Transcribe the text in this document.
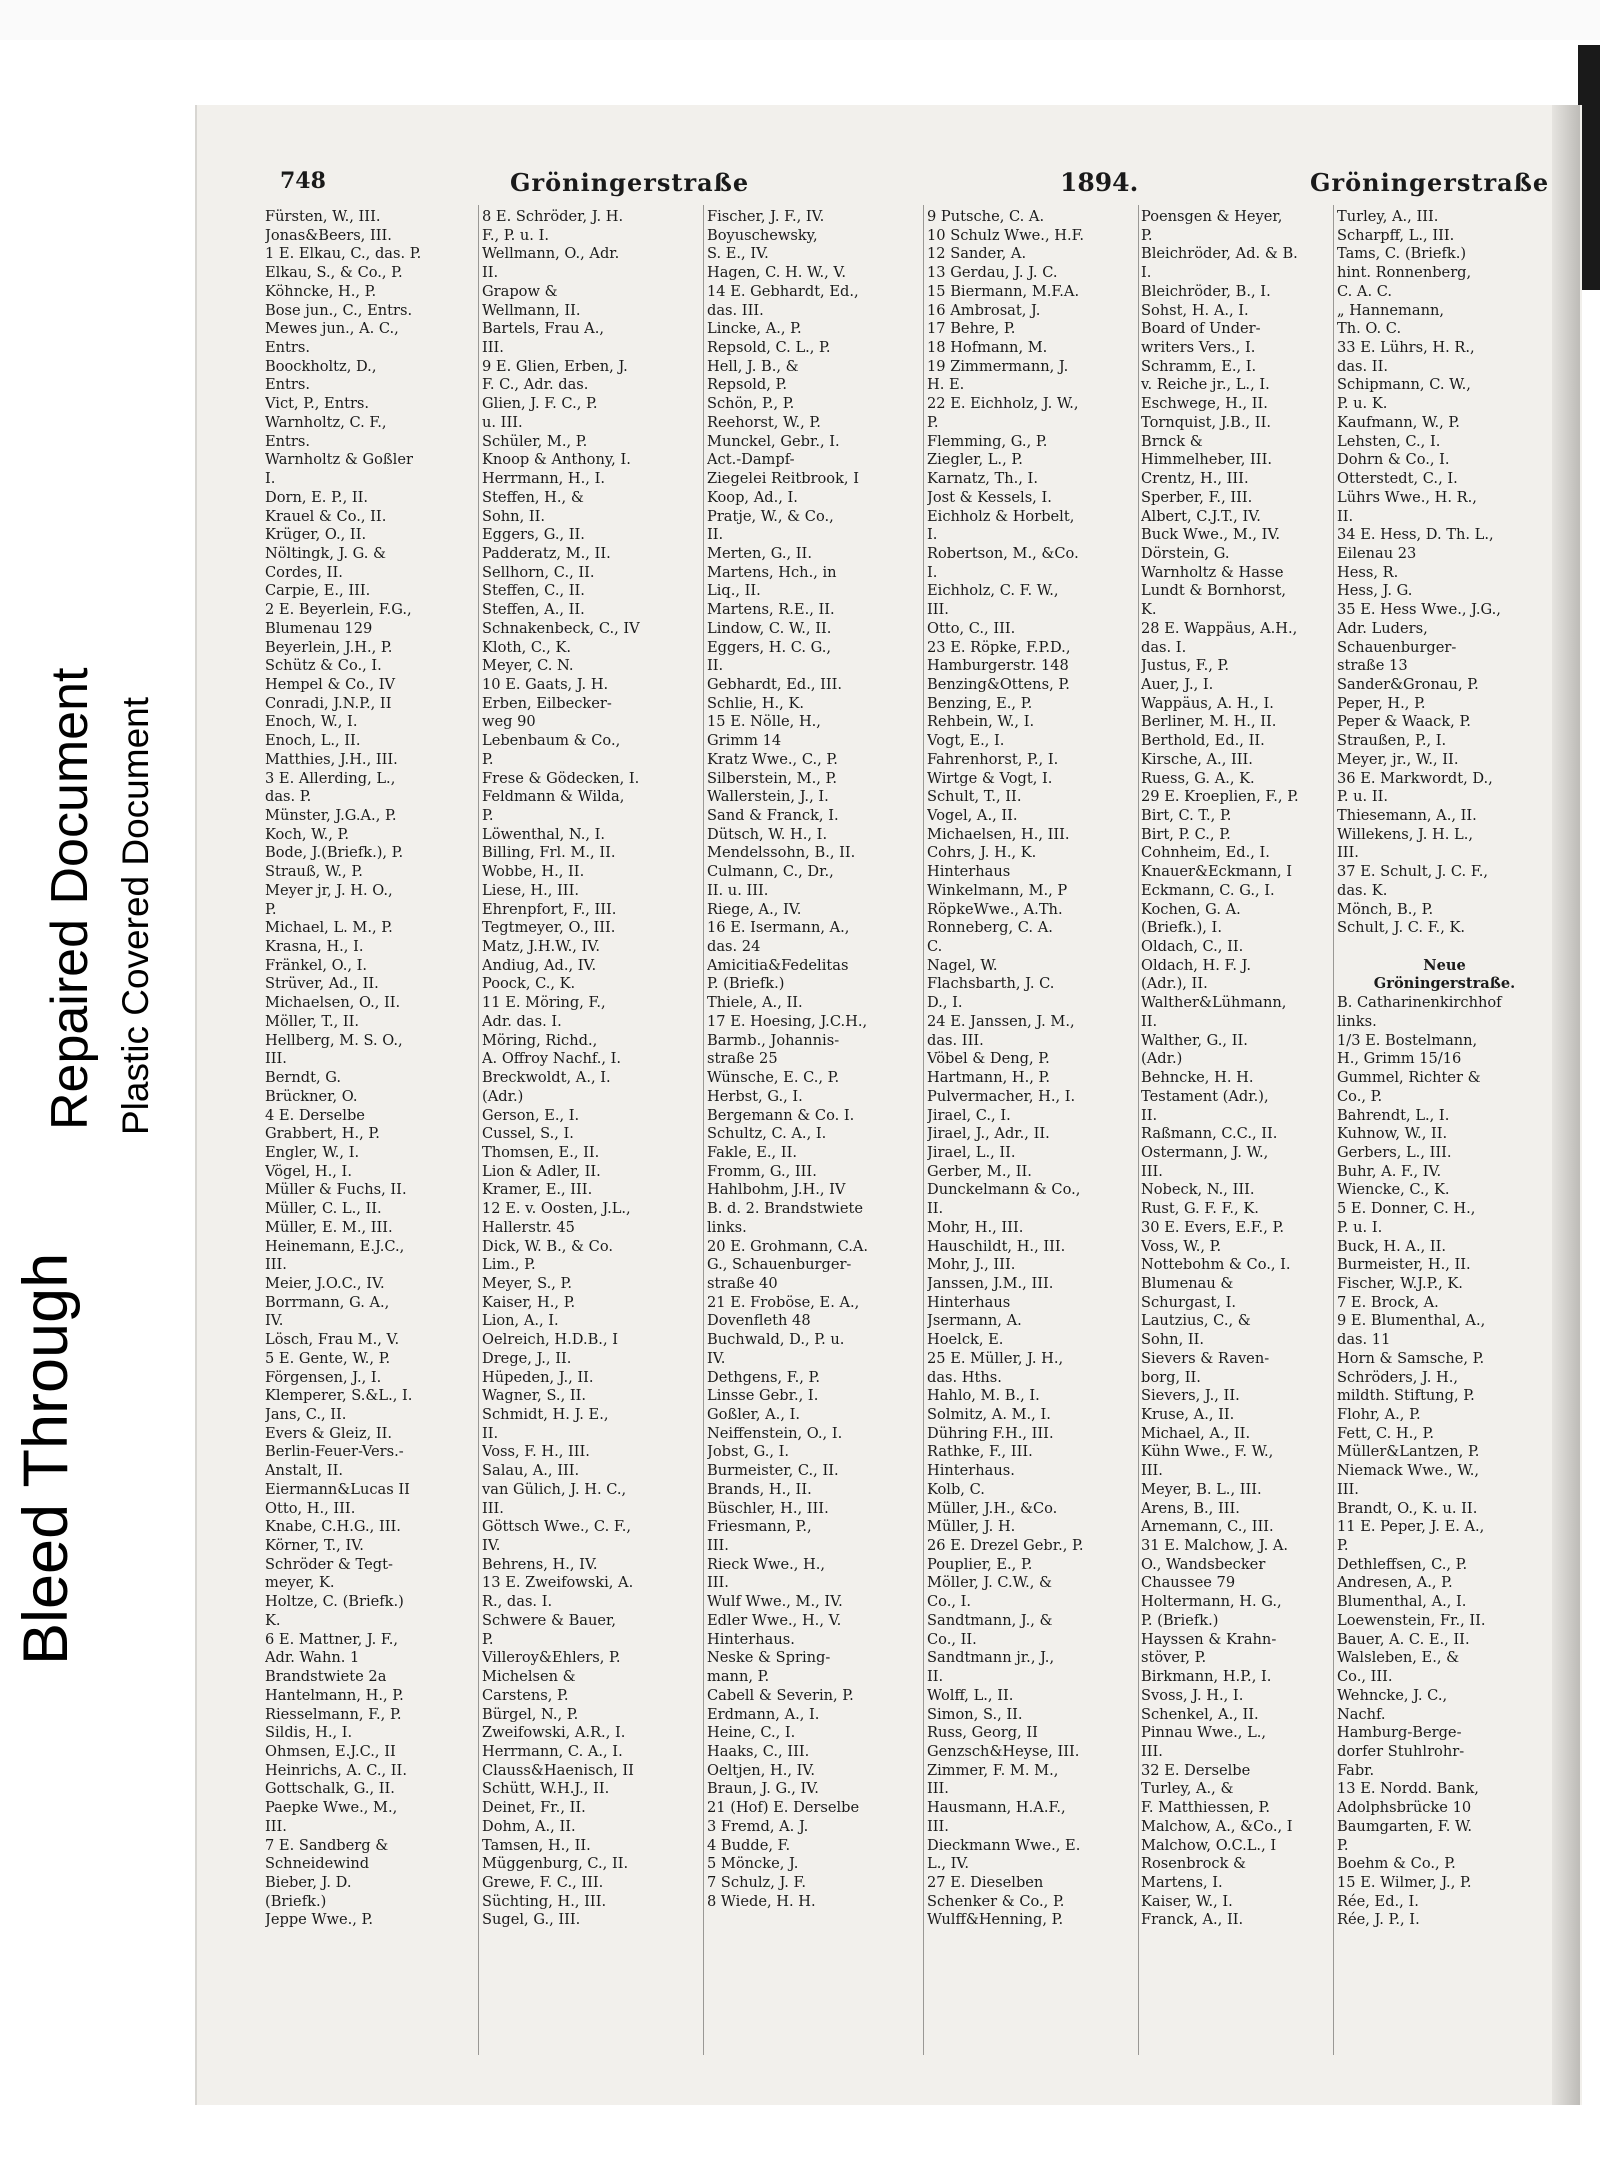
Bleed Through
Repaired Document Plastic Covered Document
748	Gröningerstraße	1894.	Gröningerstraße
Fürsten, W., III.
Jonas&Beers, III.
1 E. Elkau, C., das. P.
Elkau, S., & Co., P.
Köhncke, H., P.
Bose jun., C., Entrs.
Mewes jun., A. C.,
Entrs.
Boockholtz, D.,
Entrs.
Vict, P., Entrs.
Warnholtz, C. F.,
Entrs.
Warnholtz & Goßler
I.
Dorn, E. P., II.
Krauel & Co., II.
Krüger, O., II.
Nöltingk, J. G. &
Cordes, II.
Carpie, E., III.
2 E. Beyerlein, F.G.,
Blumenau 129
Beyerlein, J.H., P.
Schütz & Co., I.
Hempel & Co., IV
Conradi, J.N.P., II
Enoch, W., I.
Enoch, L., II.
Matthies, J.H., III.
3 E. Allerding, L.,
das. P.
Münster, J.G.A., P.
Koch, W., P.
Bode, J.(Briefk.), P.
Strauß, W., P.
Meyer jr, J. H. O.,
P.
Michael, L. M., P.
Krasna, H., I.
Fränkel, O., I.
Strüver, Ad., II.
Michaelsen, O., II.
Möller, T., II.
Hellberg, M. S. O.,
III.
Berndt, G.
Brückner, O.
4 E. Derselbe
Grabbert, H., P.
Engler, W., I.
Vögel, H., I.
Müller & Fuchs, II.
Müller, C. L., II.
Müller, E. M., III.
Heinemann, E.J.C.,
III.
Meier, J.O.C., IV.
Borrmann, G. A.,
IV.
Lösch, Frau M., V.
5 E. Gente, W., P.
Förgensen, J., I.
Klemperer, S.&L., I.
Jans, C., II.
Evers & Gleiz, II.
Berlin-Feuer-Vers.-
Anstalt, II.
Eiermann&Lucas II
Otto, H., III.
Knabe, C.H.G., III.
Körner, T., IV.
Schröder & Tegt-
meyer, K.
Holtze, C. (Briefk.)
K.
6 E. Mattner, J. F.,
Adr. Wahn. 1
Brandstwiete 2a
Hantelmann, H., P.
Riesselmann, F., P.
Sildis, H., I.
Ohmsen, E.J.C., II
Heinrichs, A. C., II.
Gottschalk, G., II.
Paepke Wwe., M.,
III.
7 E. Sandberg &
Schneidewind
Bieber, J. D.
(Briefk.)
Jeppe Wwe., P.
8 E. Schröder, J. H.
F., P. u. I.
Wellmann, O., Adr.
II.
Grapow &
Wellmann, II.
Bartels, Frau A.,
III.
9 E. Glien, Erben, J.
F. C., Adr. das.
Glien, J. F. C., P.
u. III.
Schüler, M., P.
Knoop & Anthony, I.
Herrmann, H., I.
Steffen, H., &
Sohn, II.
Eggers, G., II.
Padderatz, M., II.
Sellhorn, C., II.
Steffen, C., II.
Steffen, A., II.
Schnakenbeck, C., IV
Kloth, C., K.
Meyer, C. N.
10 E. Gaats, J. H.
Erben, Eilbecker-
weg 90
Lebenbaum & Co.,
P.
Frese & Gödecken, I.
Feldmann & Wilda,
P.
Löwenthal, N., I.
Billing, Frl. M., II.
Wobbe, H., II.
Liese, H., III.
Ehrenpfort, F., III.
Tegtmeyer, O., III.
Matz, J.H.W., IV.
Andiug, Ad., IV.
Poock, C., K.
11 E. Möring, F.,
Adr. das. I.
Möring, Richd.,
A. Offroy Nachf., I.
Breckwoldt, A., I.
(Adr.)
Gerson, E., I.
Cussel, S., I.
Thomsen, E., II.
Lion & Adler, II.
Kramer, E., III.
12 E. v. Oosten, J.L.,
Hallerstr. 45
Dick, W. B., & Co.
Lim., P.
Meyer, S., P.
Kaiser, H., P.
Lion, A., I.
Oelreich, H.D.B., I
Drege, J., II.
Hüpeden, J., II.
Wagner, S., II.
Schmidt, H. J. E.,
II.
Voss, F. H., III.
Salau, A., III.
van Gülich, J. H. C.,
III.
Göttsch Wwe., C. F.,
IV.
Behrens, H., IV.
13 E. Zweifowski, A.
R., das. I.
Schwere & Bauer,
P.
Villeroy&Ehlers, P.
Michelsen &
Carstens, P.
Bürgel, N., P.
Zweifowski, A.R., I.
Herrmann, C. A., I.
Clauss&Haenisch, II
Schütt, W.H.J., II.
Deinet, Fr., II.
Dohm, A., II.
Tamsen, H., II.
Müggenburg, C., II.
Grewe, F. C., III.
Süchting, H., III.
Sugel, G., III.
Fischer, J. F., IV.
Boyuschewsky,
S. E., IV.
Hagen, C. H. W., V.
14 E. Gebhardt, Ed.,
das. III.
Lincke, A., P.
Repsold, C. L., P.
Hell, J. B., &
Repsold, P.
Schön, P., P.
Reehorst, W., P.
Munckel, Gebr., I.
Act.-Dampf-
Ziegelei Reitbrook, I
Koop, Ad., I.
Pratje, W., & Co.,
II.
Merten, G., II.
Martens, Hch., in
Liq., II.
Martens, R.E., II.
Lindow, C. W., II.
Eggers, H. C. G.,
II.
Gebhardt, Ed., III.
Schlie, H., K.
15 E. Nölle, H.,
Grimm 14
Kratz Wwe., C., P.
Silberstein, M., P.
Wallerstein, J., I.
Sand & Franck, I.
Dütsch, W. H., I.
Mendelssohn, B., II.
Culmann, C., Dr.,
II. u. III.
Riege, A., IV.
16 E. Isermann, A.,
das. 24
Amicitia&Fedelitas
P. (Briefk.)
Thiele, A., II.
17 E. Hoesing, J.C.H.,
Barmb., Johannis-
straße 25
Wünsche, E. C., P.
Herbst, G., I.
Bergemann & Co. I.
Schultz, C. A., I.
Fakle, E., II.
Fromm, G., III.
Hahlbohm, J.H., IV
B. d. 2. Brandstwiete
links.
20 E. Grohmann, C.A.
G., Schauenburger-
straße 40
21 E. Froböse, E. A.,
Dovenfleth 48
Buchwald, D., P. u.
IV.
Dethgens, F., P.
Linsse Gebr., I.
Goßler, A., I.
Neiffenstein, O., I.
Jobst, G., I.
Burmeister, C., II.
Brands, H., II.
Büschler, H., III.
Friesmann, P.,
III.
Rieck Wwe., H.,
III.
Wulf Wwe., M., IV.
Edler Wwe., H., V.
Hinterhaus.
Neske & Spring-
mann, P.
Cabell & Severin, P.
Erdmann, A., I.
Heine, C., I.
Haaks, C., III.
Oeltjen, H., IV.
Braun, J. G., IV.
21 (Hof) E. Derselbe
3 Fremd, A. J.
4 Budde, F.
5 Möncke, J.
7 Schulz, J. F.
8 Wiede, H. H.
9 Putsche, C. A.
10 Schulz Wwe., H.F.
12 Sander, A.
13 Gerdau, J. J. C.
15 Biermann, M.F.A.
16 Ambrosat, J.
17 Behre, P.
18 Hofmann, M.
19 Zimmermann, J.
H. E.
22 E. Eichholz, J. W.,
P.
Flemming, G., P.
Ziegler, L., P.
Karnatz, Th., I.
Jost & Kessels, I.
Eichholz & Horbelt,
I.
Robertson, M., &Co.
I.
Eichholz, C. F. W.,
III.
Otto, C., III.
23 E. Röpke, F.P.D.,
Hamburgerstr. 148
Benzing&Ottens, P.
Benzing, E., P.
Rehbein, W., I.
Vogt, E., I.
Fahrenhorst, P., I.
Wirtge & Vogt, I.
Schult, T., II.
Vogel, A., II.
Michaelsen, H., III.
Cohrs, J. H., K.
Hinterhaus
Winkelmann, M., P
RöpkeWwe., A.Th.
Ronneberg, C. A.
C.
Nagel, W.
Flachsbarth, J. C.
D., I.
24 E. Janssen, J. M.,
das. III.
Vöbel & Deng, P.
Hartmann, H., P.
Pulvermacher, H., I.
Jirael, C., I.
Jirael, J., Adr., II.
Jirael, L., II.
Gerber, M., II.
Dunckelmann & Co.,
II.
Mohr, H., III.
Hauschildt, H., III.
Mohr, J., III.
Janssen, J.M., III.
Hinterhaus
Jsermann, A.
Hoelck, E.
25 E. Müller, J. H.,
das. Hths.
Hahlo, M. B., I.
Solmitz, A. M., I.
Dühring F.H., III.
Rathke, F., III.
Hinterhaus.
Kolb, C.
Müller, J.H., &Co.
Müller, J. H.
26 E. Drezel Gebr., P.
Pouplier, E., P.
Möller, J. C.W., &
Co., I.
Sandtmann, J., &
Co., II.
Sandtmann jr., J.,
II.
Wolff, L., II.
Simon, S., II.
Russ, Georg, II
Genzsch&Heyse, III.
Zimmer, F. M. M.,
III.
Hausmann, H.A.F.,
III.
Dieckmann Wwe., E.
L., IV.
27 E. Dieselben
Schenker & Co., P.
Wulff&Henning, P.
Poensgen & Heyer,
P.
Bleichröder, Ad. & B.
I.
Bleichröder, B., I.
Sohst, H. A., I.
Board of Under-
writers Vers., I.
Schramm, E., I.
v. Reiche jr., L., I.
Eschwege, H., II.
Tornquist, J.B., II.
Brnck &
Himmelheber, III.
Crentz, H., III.
Sperber, F., III.
Albert, C.J.T., IV.
Buck Wwe., M., IV.
Dörstein, G.
Warnholtz & Hasse
Lundt & Bornhorst,
K.
28 E. Wappäus, A.H.,
das. I.
Justus, F., P.
Auer, J., I.
Wappäus, A. H., I.
Berliner, M. H., II.
Berthold, Ed., II.
Kirsche, A., III.
Ruess, G. A., K.
29 E. Kroeplien, F., P.
Birt, C. T., P.
Birt, P. C., P.
Cohnheim, Ed., I.
Knauer&Eckmann, I
Eckmann, C. G., I.
Kochen, G. A.
(Briefk.), I.
Oldach, C., II.
Oldach, H. F. J.
(Adr.), II.
Walther&Lühmann,
II.
Walther, G., II.
(Adr.)
Behncke, H. H.
Testament (Adr.),
II.
Raßmann, C.C., II.
Ostermann, J. W.,
III.
Nobeck, N., III.
Rust, G. F. F., K.
30 E. Evers, E.F., P.
Voss, W., P.
Nottebohm & Co., I.
Blumenau &
Schurgast, I.
Lautzius, C., &
Sohn, II.
Sievers & Raven-
borg, II.
Sievers, J., II.
Kruse, A., II.
Michael, A., II.
Kühn Wwe., F. W.,
III.
Meyer, B. L., III.
Arens, B., III.
Arnemann, C., III.
31 E. Malchow, J. A.
O., Wandsbecker
Chaussee 79
Holtermann, H. G.,
P. (Briefk.)
Hayssen & Krahn-
stöver, P.
Birkmann, H.P., I.
Svoss, J. H., I.
Schenkel, A., II.
Pinnau Wwe., L.,
III.
32 E. Derselbe
Turley, A., &
F. Matthiessen, P.
Malchow, A., &Co., I
Malchow, O.C.L., I
Rosenbrock &
Martens, I.
Kaiser, W., I.
Franck, A., II.
Turley, A., III.
Scharpff, L., III.
Tams, C. (Briefk.)
hint. Ronnenberg,
C. A. C.
„ Hannemann,
Th. O. C.
33 E. Lührs, H. R.,
das. II.
Schipmann, C. W.,
P. u. K.
Kaufmann, W., P.
Lehsten, C., I.
Dohrn & Co., I.
Otterstedt, C., I.
Lührs Wwe., H. R.,
II.
34 E. Hess, D. Th. L.,
Eilenau 23
Hess, R.
Hess, J. G.
35 E. Hess Wwe., J.G.,
Adr. Luders,
Schauenburger-
straße 13
Sander&Gronau, P.
Peper, H., P.
Peper & Waack, P.
Straußen, P., I.
Meyer, jr., W., II.
36 E. Markwordt, D.,
P. u. II.
Thiesemann, A., II.
Willekens, J. H. L.,
III.
37 E. Schult, J. C. F.,
das. K.
Mönch, B., P.
Schult, J. C. F., K.
Neue
Gröningerstraße.
B. Catharinenkirchhof
links.
1/3 E. Bostelmann,
H., Grimm 15/16
Gummel, Richter &
Co., P.
Bahrendt, L., I.
Kuhnow, W., II.
Gerbers, L., III.
Buhr, A. F., IV.
Wiencke, C., K.
5 E. Donner, C. H.,
P. u. I.
Buck, H. A., II.
Burmeister, H., II.
Fischer, W.J.P., K.
7 E. Brock, A.
9 E. Blumenthal, A.,
das. 11
Horn & Samsche, P.
Schröders, J. H.,
mildth. Stiftung, P.
Flohr, A., P.
Fett, C. H., P.
Müller&Lantzen, P.
Niemack Wwe., W.,
III.
Brandt, O., K. u. II.
11 E. Peper, J. E. A.,
P.
Dethleffsen, C., P.
Andresen, A., P.
Blumenthal, A., I.
Loewenstein, Fr., II.
Bauer, A. C. E., II.
Walsleben, E., &
Co., III.
Wehncke, J. C.,
Nachf.
Hamburg-Berge-
dorfer Stuhlrohr-
Fabr.
13 E. Nordd. Bank,
Adolphsbrücke 10
Baumgarten, F. W.
P.
Boehm & Co., P.
15 E. Wilmer, J., P.
Rée, Ed., I.
Rée, J. P., I.
